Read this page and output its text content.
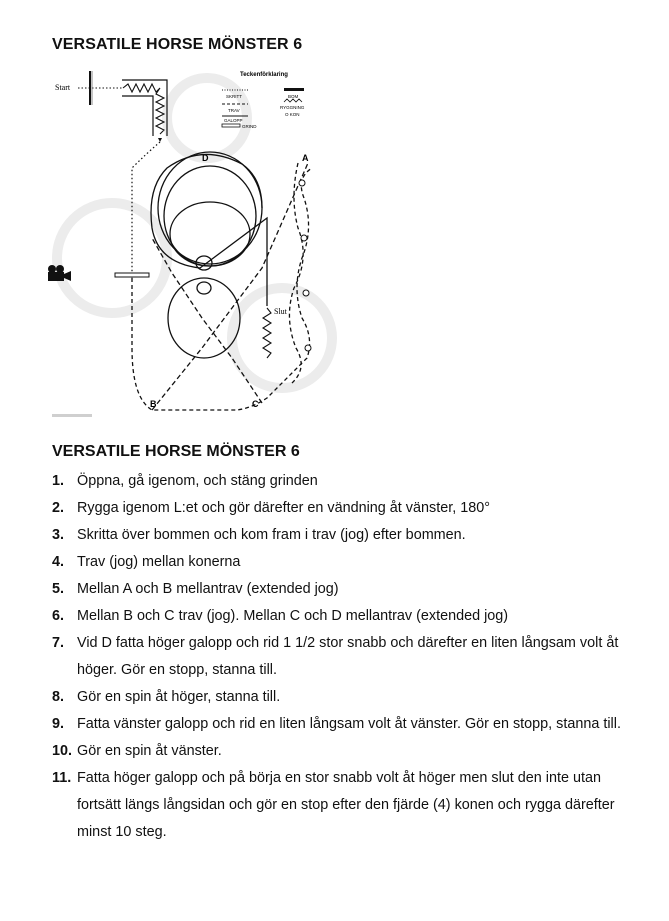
VERSATILE HORSE MÖNSTER 6
Start
Slut
D	A
B	C
Teckenförklaring
SKRITT
TRAV
GALOPP
GRIND
BOM
RYGGNING
O KON
VERSATILE HORSE MÖNSTER 6
1. Öppna, gå igenom, och stäng grinden
2. Rygga igenom L:et och gör därefter en vändning åt vänster, 180°
3. Skritta över bommen och kom fram i trav (jog) efter bommen.
4. Trav (jog) mellan konerna
5. Mellan A och B mellantrav (extended jog)
6. Mellan B och C trav (jog). Mellan C och D mellantrav (extended jog)
7. Vid D fatta höger galopp och rid 1 1/2 stor snabb och därefter en liten långsam volt åt höger. Gör en stopp, stanna till.
8. Gör en spin åt höger, stanna till.
9. Fatta vänster galopp och rid en liten långsam volt åt vänster. Gör en stopp, stanna till.
10. Gör en spin åt vänster.
11. Fatta höger galopp och på börja en stor snabb volt åt höger men slut den inte utan fortsätt längs långsidan och gör en stop efter den fjärde (4) konen och rygga därefter minst 10 steg.
